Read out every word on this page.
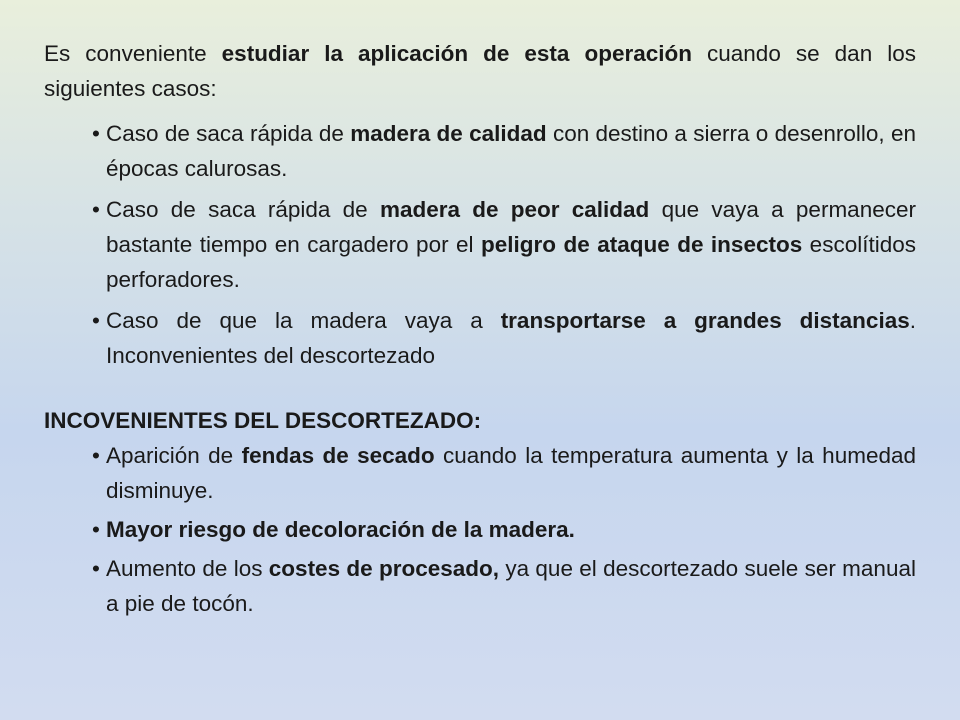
Es conveniente estudiar la aplicación de esta operación cuando se dan los siguientes casos:

• Caso de saca rápida de madera de calidad con destino a sierra o desenrollo, en épocas calurosas.

• Caso de saca rápida de madera de peor calidad que vaya a permanecer bastante tiempo en cargadero por el peligro de ataque de insectos escolítidos perforadores.

• Caso de que la madera vaya a transportarse a grandes distancias. Inconvenientes del descortezado

INCOVENIENTES DEL DESCORTEZADO:

• Aparición de fendas de secado cuando la temperatura aumenta y la humedad disminuye.

• Mayor riesgo de decoloración de la madera.

• Aumento de los costes de procesado, ya que el descortezado suele ser manual a pie de tocón.
